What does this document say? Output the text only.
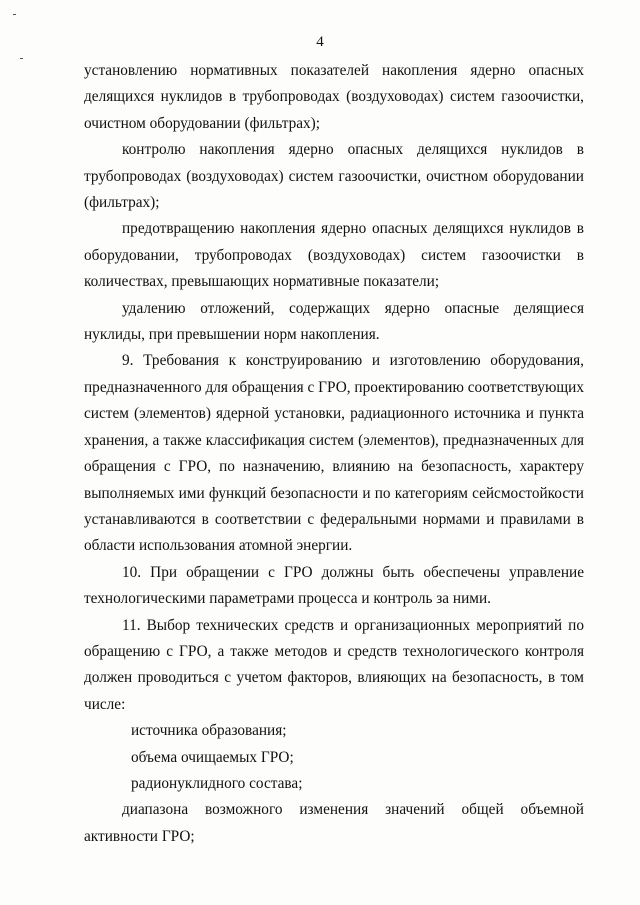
4

установлению нормативных показателей накопления ядерно опасных делящихся нуклидов в трубопроводах (воздуховодах) систем газоочистки, очистном оборудовании (фильтрах);

контролю накопления ядерно опасных делящихся нуклидов в трубопроводах (воздуховодах) систем газоочистки, очистном оборудовании (фильтрах);

предотвращению накопления ядерно опасных делящихся нуклидов в оборудовании, трубопроводах (воздуховодах) систем газоочистки в количествах, превышающих нормативные показатели;

удалению отложений, содержащих ядерно опасные делящиеся нуклиды, при превышении норм накопления.

9. Требования к конструированию и изготовлению оборудования, предназначенного для обращения с ГРО, проектированию соответствующих систем (элементов) ядерной установки, радиационного источника и пункта хранения, а также классификация систем (элементов), предназначенных для обращения с ГРО, по назначению, влиянию на безопасность, характеру выполняемых ими функций безопасности и по категориям сейсмостойкости устанавливаются в соответствии с федеральными нормами и правилами в области использования атомной энергии.

10. При обращении с ГРО должны быть обеспечены управление технологическими параметрами процесса и контроль за ними.

11. Выбор технических средств и организационных мероприятий по обращению с ГРО, а также методов и средств технологического контроля должен проводиться с учетом факторов, влияющих на безопасность, в том числе:

источника образования;

объема очищаемых ГРО;

радионуклидного состава;

диапазона возможного изменения значений общей объемной активности ГРО;
